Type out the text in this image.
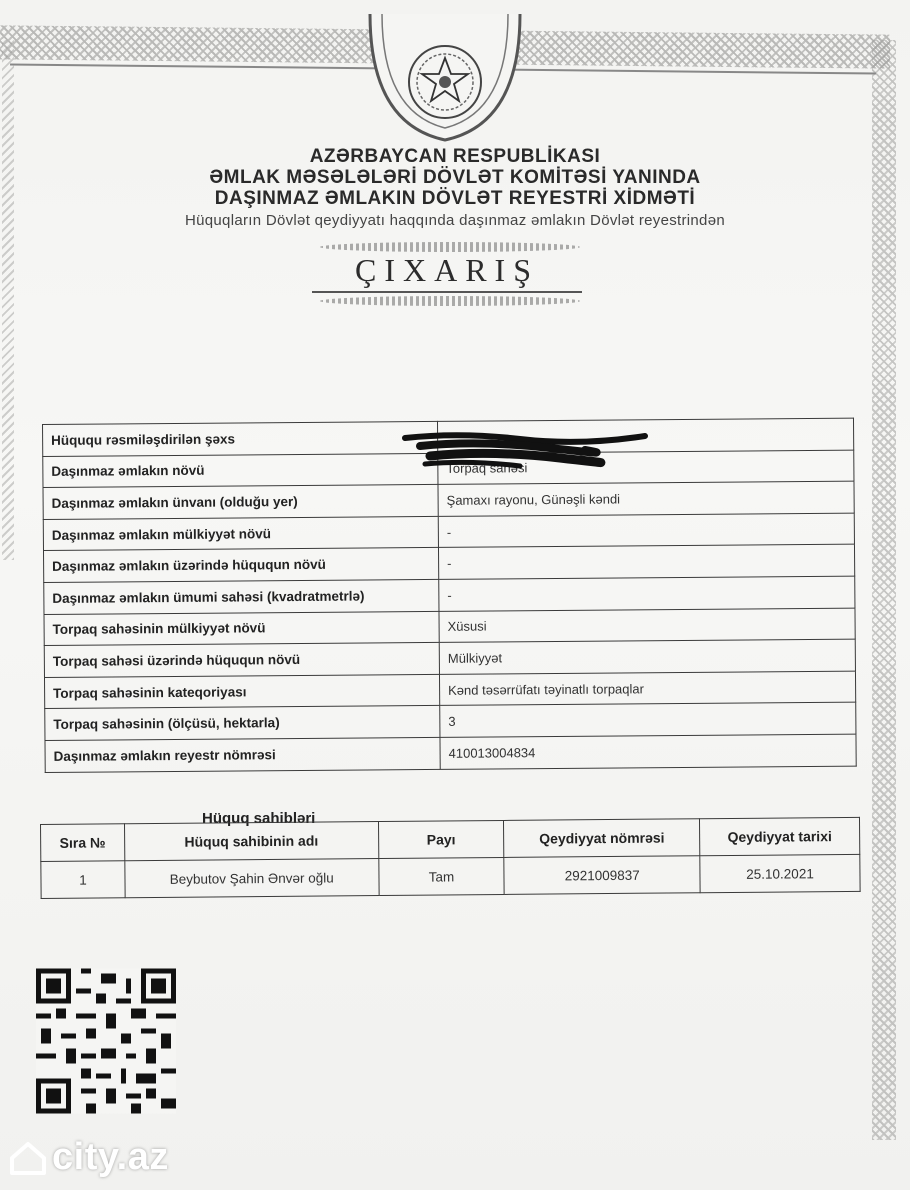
AZƏRBAYCAN RESPUBLİKASI
ƏMLAK MƏSƏLƏLƏRİ DÖVLƏT KOMİTƏSİ YANINDA
DAŞINMAZ ƏMLAKIN DÖVLƏT REYESTRİ XİDMƏTİ
Hüquqların Dövlət qeydiyyatı haqqında daşınmaz əmlakın Dövlət reyestrindən
ÇIXARIŞ
Hüququ rəsmiləşdirilən şəxs	
Daşınmaz əmlakın növü	Torpaq sahəsi
Daşınmaz əmlakın ünvanı (olduğu yer)	Şamaxı rayonu, Günəşli kəndi
Daşınmaz əmlakın mülkiyyət növü	-
Daşınmaz əmlakın üzərində hüququn növü	-
Daşınmaz əmlakın ümumi sahəsi (kvadratmetrlə)	-
Torpaq sahəsinin mülkiyyət növü	Xüsusi
Torpaq sahəsi üzərində hüququn növü	Mülkiyyət
Torpaq sahəsinin kateqoriyası	Kənd təsərrüfatı təyinatlı torpaqlar
Torpaq sahəsinin (ölçüsü, hektarla)	3
Daşınmaz əmlakın reyestr nömrəsi	410013004834
Hüquq sahibləri
Sıra №	Hüquq sahibinin adı	Payı	Qeydiyyat nömrəsi	Qeydiyyat tarixi
1	Beybutov Şahin Ənvər oğlu	Tam	2921009837	25.10.2021
city.az
